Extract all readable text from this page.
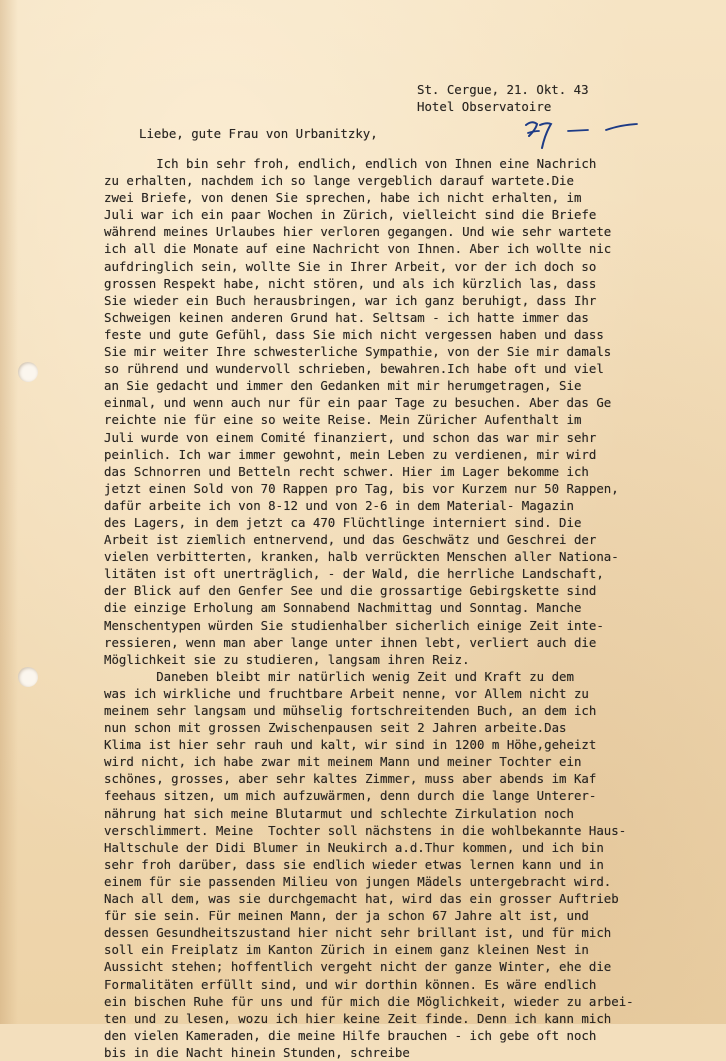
St. Cergue, 21. Okt. 43
Hotel Observatoire
Liebe, gute Frau von Urbanitzky,
Ich bin sehr froh, endlich, endlich von Ihnen eine Nachrich
zu erhalten, nachdem ich so lange vergeblich darauf wartete.Die
zwei Briefe, von denen Sie sprechen, habe ich nicht erhalten, im
Juli war ich ein paar Wochen in Zürich, vielleicht sind die Briefe
während meines Urlaubes hier verloren gegangen. Und wie sehr wartete
ich all die Monate auf eine Nachricht von Ihnen. Aber ich wollte nic
aufdringlich sein, wollte Sie in Ihrer Arbeit, vor der ich doch so
grossen Respekt habe, nicht stören, und als ich kürzlich las, dass
Sie wieder ein Buch herausbringen, war ich ganz beruhigt, dass Ihr
Schweigen keinen anderen Grund hat. Seltsam - ich hatte immer das
feste und gute Gefühl, dass Sie mich nicht vergessen haben und dass
Sie mir weiter Ihre schwesterliche Sympathie, von der Sie mir damals
so rührend und wundervoll schrieben, bewahren.Ich habe oft und viel
an Sie gedacht und immer den Gedanken mit mir herumgetragen, Sie
einmal, und wenn auch nur für ein paar Tage zu besuchen. Aber das Ge
reichte nie für eine so weite Reise. Mein Züricher Aufenthalt im
Juli wurde von einem Comité finanziert, und schon das war mir sehr
peinlich. Ich war immer gewohnt, mein Leben zu verdienen, mir wird
das Schnorren und Betteln recht schwer. Hier im Lager bekomme ich
jetzt einen Sold von 70 Rappen pro Tag, bis vor Kurzem nur 50 Rappen,
dafür arbeite ich von 8-12 und von 2-6 in dem Material- Magazin
des Lagers, in dem jetzt ca 470 Flüchtlinge interniert sind. Die
Arbeit ist ziemlich entnervend, und das Geschwätz und Geschrei der
vielen verbitterten, kranken, halb verrückten Menschen aller Nationa-
litäten ist oft unerträglich, - der Wald, die herrliche Landschaft,
der Blick auf den Genfer See und die grossartige Gebirgskette sind
die einzige Erholung am Sonnabend Nachmittag und Sonntag. Manche
Menschentypen würden Sie studienhalber sicherlich einige Zeit inte-
ressieren, wenn man aber lange unter ihnen lebt, verliert auch die
Möglichkeit sie zu studieren, langsam ihren Reiz.
Daneben bleibt mir natürlich wenig Zeit und Kraft zu dem
was ich wirkliche und fruchtbare Arbeit nenne, vor Allem nicht zu
meinem sehr langsam und mühselig fortschreitenden Buch, an dem ich
nun schon mit grossen Zwischenpausen seit 2 Jahren arbeite.Das
Klima ist hier sehr rauh und kalt, wir sind in 1200 m Höhe,geheizt
wird nicht, ich habe zwar mit meinem Mann und meiner Tochter ein
schönes, grosses, aber sehr kaltes Zimmer, muss aber abends im Kaf
feehaus sitzen, um mich aufzuwärmen, denn durch die lange Unterer-
nährung hat sich meine Blutarmut und schlechte Zirkulation noch
verschlimmert. Meine  Tochter soll nächstens in die wohlbekannte Haus-
Haltschule der Didi Blumer in Neukirch a.d.Thur kommen, und ich bin
sehr froh darüber, dass sie endlich wieder etwas lernen kann und in
einem für sie passenden Milieu von jungen Mädels untergebracht wird.
Nach all dem, was sie durchgemacht hat, wird das ein grosser Auftrieb
für sie sein. Für meinen Mann, der ja schon 67 Jahre alt ist, und
dessen Gesundheitszustand hier nicht sehr brillant ist, und für mich
soll ein Freiplatz im Kanton Zürich in einem ganz kleinen Nest in
Aussicht stehen; hoffentlich vergeht nicht der ganze Winter, ehe die
Formalitäten erfüllt sind, und wir dorthin können. Es wäre endlich
ein bischen Ruhe für uns und für mich die Möglichkeit, wieder zu arbei-
ten und zu lesen, wozu ich hier keine Zeit finde. Denn ich kann mich
den vielen Kameraden, die meine Hilfe brauchen - ich gebe oft noch
bis in die Nacht hinein Stunden, schreibe
